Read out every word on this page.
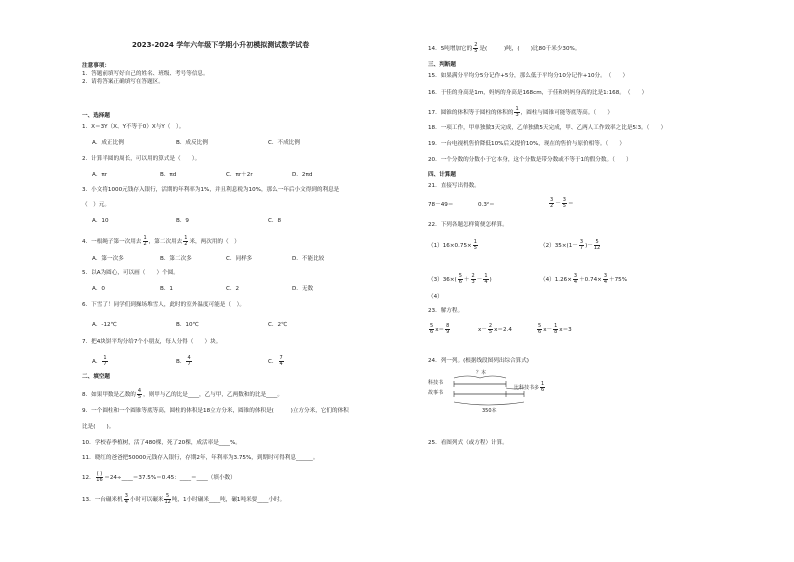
2023-2024 学年六年级下学期小升初模拟测试数学试卷
注意事项：
1．答题前填写好自己的姓名、班级、考号等信息。
2．请将答案正确填写在答题区。
一、选择题
1．X＝3Y（X、Y不等于0）X与Y（　）。
A．成正比例	B．成反比例	C．不成比例
2．计算半圆的周长，可以用的算式是（　　）。
A．πr	B．πd	C．πr＋2r	D．2πd
3．小文将1000元钱存入银行，活期的年利率为1%，并且利息税为10%，那么一年后小文得到的利息是
（　）元。
A．10	B．9	C．8
4．一根绳子第一次用去 $\frac{1}{2}$ ，第二次用去 $\frac{1}{2}$ 米，两次用的（　）
A．第一次多	B．第二次多	C．同样多	D．不能比较
5．以A为圆心，可以画（　　）个圆。
A．0	B．1	C．2	D．无数
6．下雪了！同学们到操场堆雪人，此时的室外温度可能是（　）。
A．-12℃	B．10℃	C．2℃
7．把4块饼平均分给7个小朋友，每人分得（　　）块。
A． $\frac{1}{7}$	B． $\frac{4}{7}$	C． $\frac{7}{4}$
二、填空题
8．如果甲数是乙数的 $\frac{4}{5}$ ，则甲与乙的比是____，乙与甲，乙两数和的比是____。
9．一个圆柱和一个圆锥等底等高，圆柱的体积是18立方分米，圆锥的体积是(　　　)立方分米，它们的体积
比是(　　)。
10．学校春季植树，活了480棵，死了20棵，成活率是____%。
11．晓红的爸爸把50000元钱存入银行，存期2年，年利率为3.75%，到期时可得利息______。
12． $\frac{( )}{16}$ ＝24÷____＝37.5%＝0.45：____＝____（填小数）
13．一台碾米机 $\frac{3}{4}$ 小时可以碾米 $\frac{5}{12}$ 吨，1小时碾米____吨，碾1吨米要____小时。
14．5吨增加它的 $\frac{2}{5}$ 是(　　　)吨，(　　)比80千米少30%。
三、判断题
15．如果满分平均分5分记作+5分，那么低于平均分10分记作+10分。　（　　）
16．于佳的身高是1m，妈妈的身高是168cm，于佳和妈妈身高的比是1:168。　（　　）
17．圆锥的体积等于圆柱的体积的 $\frac{1}{3}$ ，圆柱与圆锥可能等底等高。（　　）
18．一项工作，甲单独做3天完成，乙单独做5天完成，甲、乙两人工作效率之比是5∶3。（　　）
19．一台电视机售价降低10%后又提价10%，现在的售价与原价相等。（　　）
20．一个分数的分数小于它本身，这个分数是带分数或不等于1的假分数。（　　）
四、计算题
21．直接写出得数。
78－49＝	0.3²＝	$\frac{3}{2} - \frac{3}{5}$ ＝
22．下列各题怎样简便怎样算。
$(1)16\times 0.75\times \frac{1}{5}$	$(2)35\times(1- \frac{3}{7}$ )－ $\frac{5}{12}$
$(3)36\times( \frac{5}{6} + \frac{2}{3} - \frac{1}{4}$ )	$(4)1.26\times \frac{3}{4} +0.74\times \frac{3}{4} +75\%$
（4）
23．解方程。
$\frac{5}{6} x= \frac{8}{9}$	$x- \frac{2}{5} x=2.4$	$\frac{5}{6} x- \frac{1}{8} x=3$
24．列一列。(根据线段图列出综合算式)
？本
科技书
故事书
比科技书多 $\frac{1}{6}$
350本
25．看图列式（或方程）计算。
